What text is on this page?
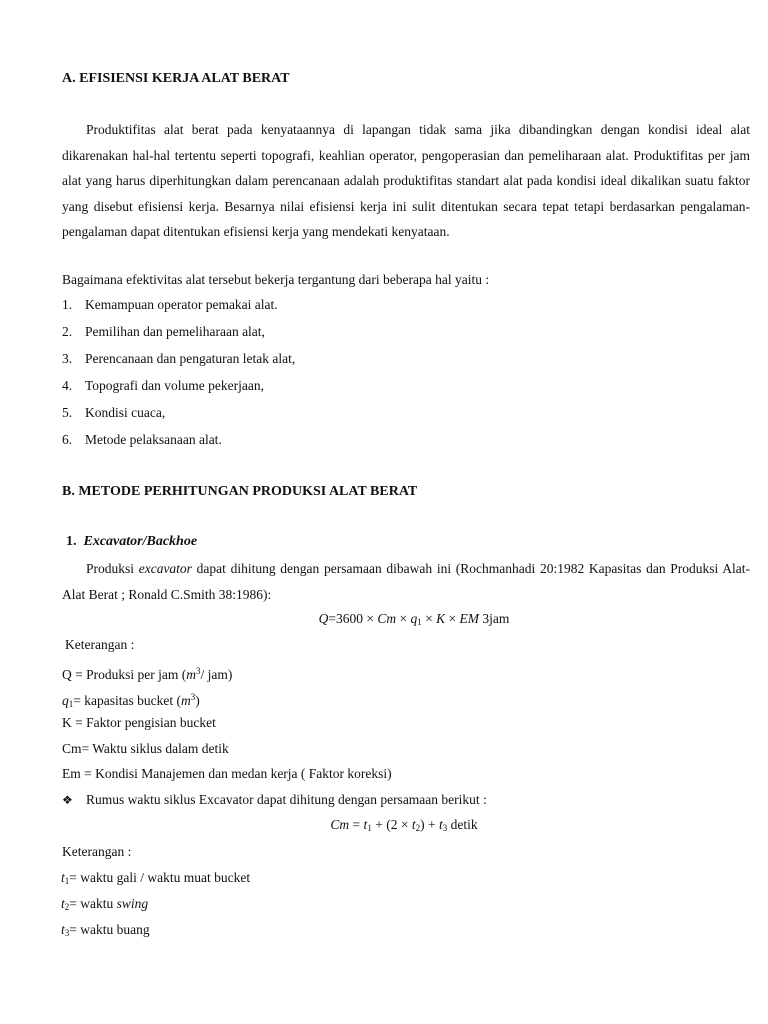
A. EFISIENSI KERJA ALAT BERAT
Produktifitas alat berat pada kenyataannya di lapangan tidak sama jika dibandingkan dengan kondisi ideal alat dikarenakan hal-hal tertentu seperti topografi, keahlian operator, pengoperasian dan pemeliharaan alat. Produktifitas per jam alat yang harus diperhitungkan dalam perencanaan adalah produktifitas standart alat pada kondisi ideal dikalikan suatu faktor yang disebut efisiensi kerja. Besarnya nilai efisiensi kerja ini sulit ditentukan secara tepat tetapi berdasarkan pengalaman-pengalaman dapat ditentukan efisiensi kerja yang mendekati kenyataan.
Bagaimana efektivitas alat tersebut bekerja tergantung dari beberapa hal yaitu :
1. Kemampuan operator pemakai alat.
2. Pemilihan dan pemeliharaan alat,
3. Perencanaan dan pengaturan letak alat,
4. Topografi dan volume pekerjaan,
5. Kondisi cuaca,
6. Metode pelaksanaan alat.
B. METODE PERHITUNGAN PRODUKSI ALAT BERAT
1. Excavator/Backhoe
Produksi excavator dapat dihitung dengan persamaan dibawah ini (Rochmanhadi 20:1982 Kapasitas dan Produksi Alat-Alat Berat ; Ronald C.Smith 38:1986):
$Q=3600 \times Cm \times q_1 \times K$ × EM 3jam
Keterangan :
Q = Produksi per jam ($m^3/$ jam)
$q_1=$ kapasitas bucket $(m^3)$
K = Faktor pengisian bucket
Cm= Waktu siklus dalam detik
Em = Kondisi Manajemen dan medan kerja ( Faktor koreksi)
❖ Rumus waktu siklus Excavator dapat dihitung dengan persamaan berikut :
$Cm = t_1 + (2 \times t_2) + t_3$ detik
Keterangan :
$t_1=$ waktu gali / waktu muat bucket
$t_2=$ waktu swing
$t_3=$ waktu buang
